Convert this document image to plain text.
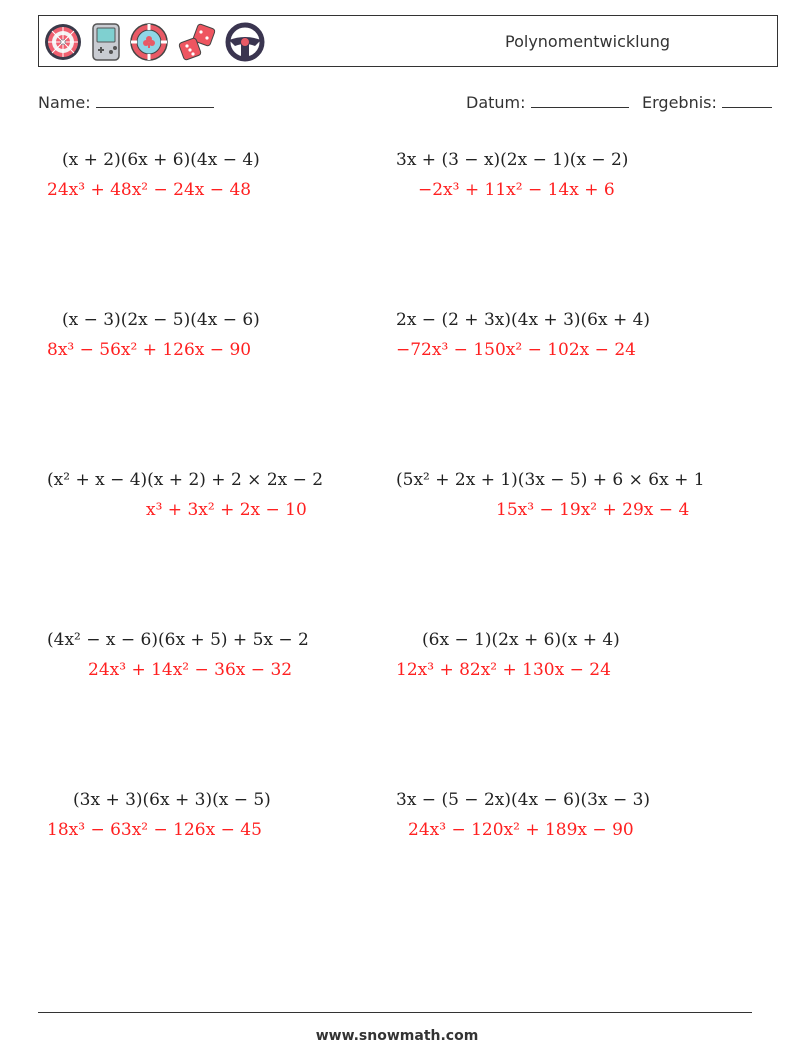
Polynomentwicklung
Name:	Datum:	Ergebnis:
(x + 2)(6x + 6)(4x − 4)
24x³ + 48x² − 24x − 48
3x + (3 − x)(2x − 1)(x − 2)
−2x³ + 11x² − 14x + 6
(x − 3)(2x − 5)(4x − 6)
8x³ − 56x² + 126x − 90
2x − (2 + 3x)(4x + 3)(6x + 4)
−72x³ − 150x² − 102x − 24
(x² + x − 4)(x + 2) + 2 × 2x − 2
x³ + 3x² + 2x − 10
(5x² + 2x + 1)(3x − 5) + 6 × 6x + 1
15x³ − 19x² + 29x − 4
(4x² − x − 6)(6x + 5) + 5x − 2
24x³ + 14x² − 36x − 32
(6x − 1)(2x + 6)(x + 4)
12x³ + 82x² + 130x − 24
(3x + 3)(6x + 3)(x − 5)
18x³ − 63x² − 126x − 45
3x − (5 − 2x)(4x − 6)(3x − 3)
24x³ − 120x² + 189x − 90
www.snowmath.com
